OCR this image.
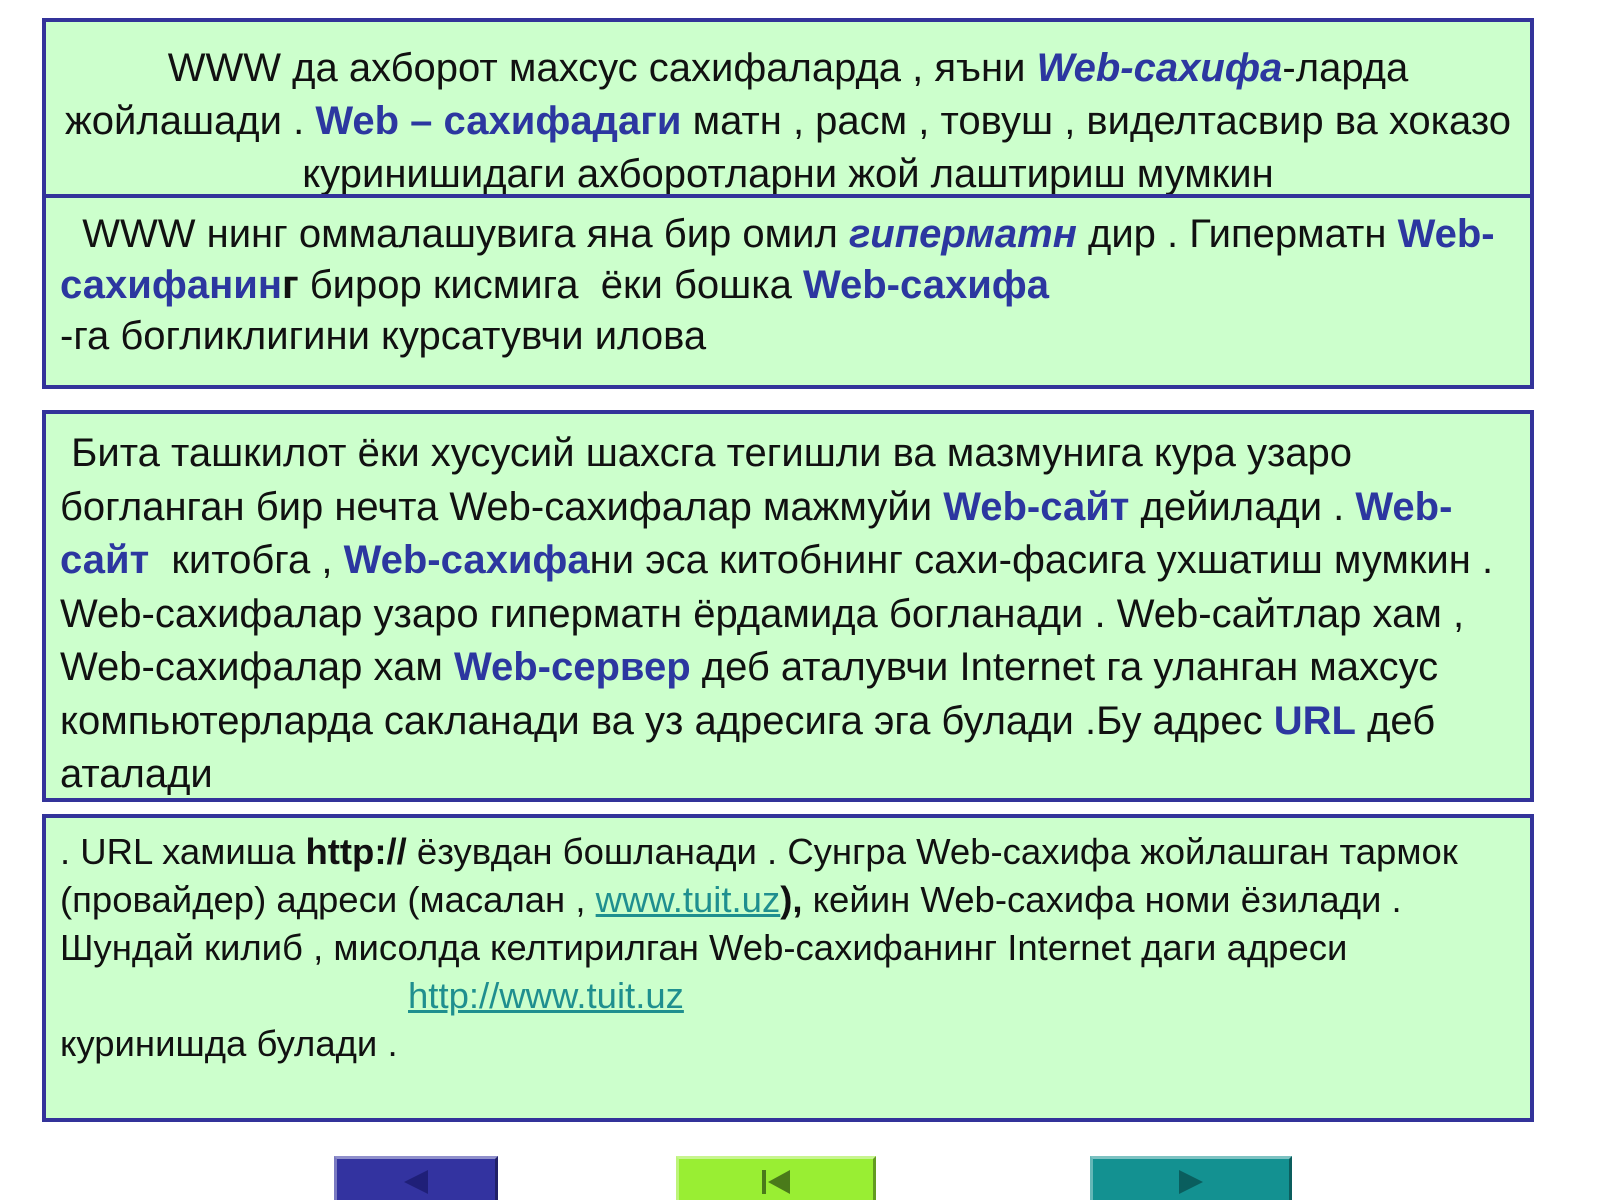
WWW да ахборот махсус сахифаларда , яъни Web-сахифа-ларда жойлашади . Web – сахифадаги матн , расм , товуш , виделтасвир ва хоказо куринишидаги ахборотларни жой лаштириш мумкин
WWW нинг оммалашувига яна бир омил гиперматн дир . Гиперматн Web-сахифанинг бирор кисмига  ёки бошка Web-сахифа
-га богликлигини курсатувчи илова
Бита ташкилот ёки хусусий шахсга тегишли ва мазмунига кура узаро богланган бир нечта Web-сахифалар мажмуйи Web-сайт дейилади . Web-сайт  китобга , Web-сахифани эса китобнинг сахи-фасига ухшатиш мумкин . Web-сахифалар узаро гиперматн ёрдамида богланади . Web-сайтлар хам , Web-сахифалар хам Web-сервер деб аталувчи Internet га уланган махсус компьютерларда сакланади ва уз адресига эга булади .Бу адрес URL деб аталади
. URL хамиша http:// ёзувдан бошланади . Сунгра Web-сахифа жойлашган тармок (провайдер) адреси (масалан , www.tuit.uz), кейин Web-сахифа номи ёзилади . Шундай килиб , мисолда келтирилган Web-сахифанинг Internet даги адреси
http://www.tuit.uz
куринишда булади .
